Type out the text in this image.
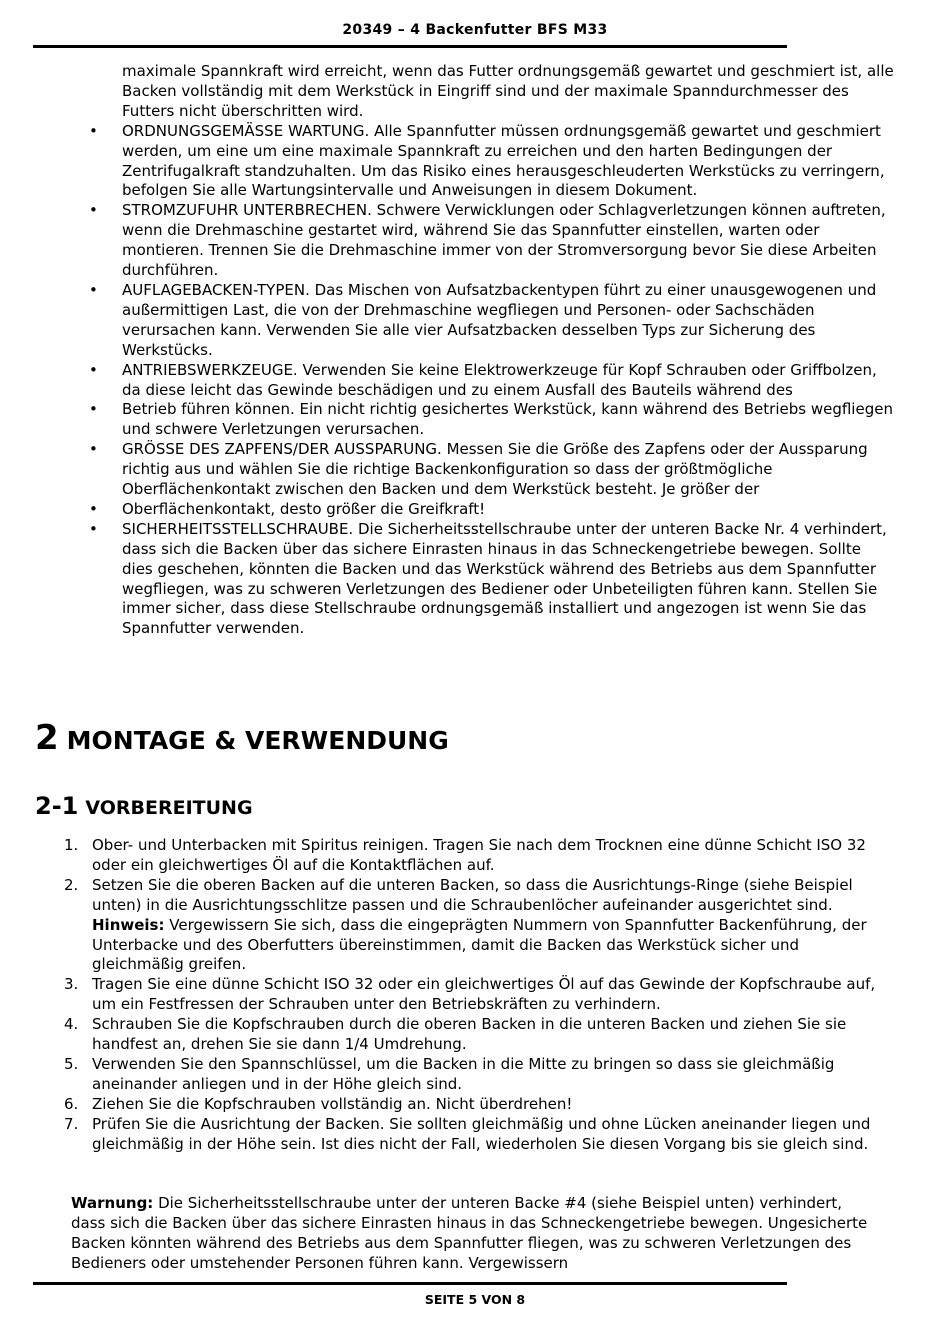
20349 – 4 Backenfutter BFS M33

maximale Spannkraft wird erreicht, wenn das Futter ordnungsgemäß gewartet und geschmiert ist, alle Backen vollständig mit dem Werkstück in Eingriff sind und der maximale Spanndurchmesser des Futters nicht überschritten wird.

• ORDNUNGSGEMÄSSE WARTUNG. Alle Spannfutter müssen ordnungsgemäß gewartet und geschmiert werden, um eine um eine maximale Spannkraft zu erreichen und den harten Bedingungen der Zentrifugalkraft standzuhalten. Um das Risiko eines herausgeschleuderten Werkstücks zu verringern, befolgen Sie alle Wartungsintervalle und Anweisungen in diesem Dokument.
• STROMZUFUHR UNTERBRECHEN. Schwere Verwicklungen oder Schlagverletzungen können auftreten, wenn die Drehmaschine gestartet wird, während Sie das Spannfutter einstellen, warten oder montieren. Trennen Sie die Drehmaschine immer von der Stromversorgung bevor Sie diese Arbeiten durchführen.
• AUFLAGEBACKEN-TYPEN. Das Mischen von Aufsatzbackentypen führt zu einer unausgewogenen und außermittigen Last, die von der Drehmaschine wegfliegen und Personen- oder Sachschäden verursachen kann. Verwenden Sie alle vier Aufsatzbacken desselben Typs zur Sicherung des Werkstücks.
• ANTRIEBSWERKZEUGE. Verwenden Sie keine Elektrowerkzeuge für Kopf Schrauben oder Griffbolzen, da diese leicht das Gewinde beschädigen und zu einem Ausfall des Bauteils während des
• Betrieb führen können. Ein nicht richtig gesichertes Werkstück, kann während des Betriebs wegfliegen und schwere Verletzungen verursachen.
• GRÖSSE DES ZAPFENS/DER AUSSPARUNG. Messen Sie die Größe des Zapfens oder der Aussparung richtig aus und wählen Sie die richtige Backenkonfiguration so dass der größtmögliche Oberflächenkontakt zwischen den Backen und dem Werkstück besteht. Je größer der
• Oberflächenkontakt, desto größer die Greifkraft!
• SICHERHEITSSTELLSCHRAUBE. Die Sicherheitsstellschraube unter der unteren Backe Nr. 4 verhindert, dass sich die Backen über das sichere Einrasten hinaus in das Schneckengetriebe bewegen. Sollte dies geschehen, könnten die Backen und das Werkstück während des Betriebs aus dem Spannfutter wegfliegen, was zu schweren Verletzungen des Bediener oder Unbeteiligten führen kann. Stellen Sie immer sicher, dass diese Stellschraube ordnungsgemäß installiert und angezogen ist wenn Sie das Spannfutter verwenden.
2 MONTAGE & VERWENDUNG
2-1 VORBEREITUNG
1. Ober- und Unterbacken mit Spiritus reinigen. Tragen Sie nach dem Trocknen eine dünne Schicht ISO 32 oder ein gleichwertiges Öl auf die Kontaktflächen auf.
2. Setzen Sie die oberen Backen auf die unteren Backen, so dass die Ausrichtungs-Ringe (siehe Beispiel unten) in die Ausrichtungsschlitze passen und die Schraubenlöcher aufeinander ausgerichtet sind. Hinweis: Vergewissern Sie sich, dass die eingeprägten Nummern von Spannfutter Backenführung, der Unterbacke und des Oberfutters übereinstimmen, damit die Backen das Werkstück sicher und gleichmäßig greifen.
3. Tragen Sie eine dünne Schicht ISO 32 oder ein gleichwertiges Öl auf das Gewinde der Kopfschraube auf, um ein Festfressen der Schrauben unter den Betriebskräften zu verhindern.
4. Schrauben Sie die Kopfschrauben durch die oberen Backen in die unteren Backen und ziehen Sie sie handfest an, drehen Sie sie dann 1/4 Umdrehung.
5. Verwenden Sie den Spannschlüssel, um die Backen in die Mitte zu bringen so dass sie gleichmäßig aneinander anliegen und in der Höhe gleich sind.
6. Ziehen Sie die Kopfschrauben vollständig an. Nicht überdrehen!
7. Prüfen Sie die Ausrichtung der Backen. Sie sollten gleichmäßig und ohne Lücken aneinander liegen und gleichmäßig in der Höhe sein. Ist dies nicht der Fall, wiederholen Sie diesen Vorgang bis sie gleich sind.

Warnung: Die Sicherheitsstellschraube unter der unteren Backe #4 (siehe Beispiel unten) verhindert, dass sich die Backen über das sichere Einrasten hinaus in das Schneckengetriebe bewegen. Ungesicherte Backen könnten während des Betriebs aus dem Spannfutter fliegen, was zu schweren Verletzungen des Bedieners oder umstehender Personen führen kann. Vergewissern

SEITE 5 VON 8
